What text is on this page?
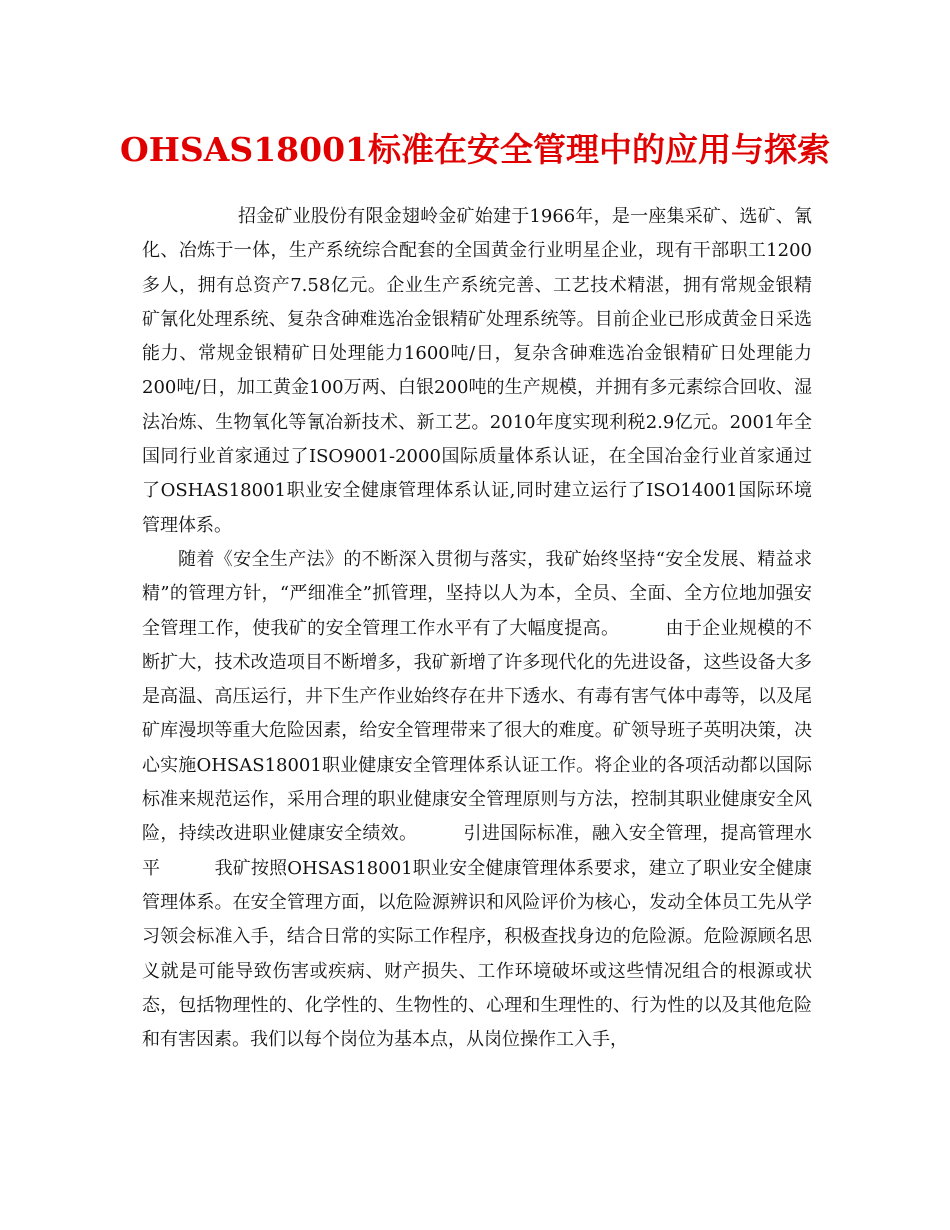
OHSAS18001标准在安全管理中的应用与探索

招金矿业股份有限金翅岭金矿始建于1966年，是一座集采矿、选矿、氰化、冶炼于一体，生产系统综合配套的全国黄金行业明星企业，现有干部职工1200多人，拥有总资产7.58亿元。企业生产系统完善、工艺技术精湛，拥有常规金银精矿氰化处理系统、复杂含砷难选冶金银精矿处理系统等。目前企业已形成黄金日采选能力、常规金银精矿日处理能力1600吨/日，复杂含砷难选冶金银精矿日处理能力200吨/日，加工黄金100万两、白银200吨的生产规模，并拥有多元素综合回收、湿法冶炼、生物氧化等氰冶新技术、新工艺。2010年度实现利税2.9亿元。2001年全国同行业首家通过了ISO9001-2000国际质量体系认证，在全国冶金行业首家通过了OSHAS18001职业安全健康管理体系认证,同时建立运行了ISO14001国际环境管理体系。

随着《安全生产法》的不断深入贯彻与落实，我矿始终坚持“安全发展、精益求精”的管理方针，“严细准全”抓管理，坚持以人为本，全员、全面、全方位地加强安全管理工作，使我矿的安全管理工作水平有了大幅度提高。　　　由于企业规模的不断扩大，技术改造项目不断增多，我矿新增了许多现代化的先进设备，这些设备大多是高温、高压运行，井下生产作业始终存在井下透水、有毒有害气体中毒等，以及尾矿库漫坝等重大危险因素，给安全管理带来了很大的难度。矿领导班子英明决策，决心实施OHSAS18001职业健康安全管理体系认证工作。将企业的各项活动都以国际标准来规范运作，采用合理的职业健康安全管理原则与方法，控制其职业健康安全风险，持续改进职业健康安全绩效。　　　引进国际标准，融入安全管理，提高管理水平　　　我矿按照OHSAS18001职业安全健康管理体系要求，建立了职业安全健康管理体系。在安全管理方面，以危险源辨识和风险评价为核心，发动全体员工先从学习领会标准入手，结合日常的实际工作程序，积极查找身边的危险源。危险源顾名思义就是可能导致伤害或疾病、财产损失、工作环境破坏或这些情况组合的根源或状态，包括物理性的、化学性的、生物性的、心理和生理性的、行为性的以及其他危险和有害因素。我们以每个岗位为基本点，从岗位操作工入手，
